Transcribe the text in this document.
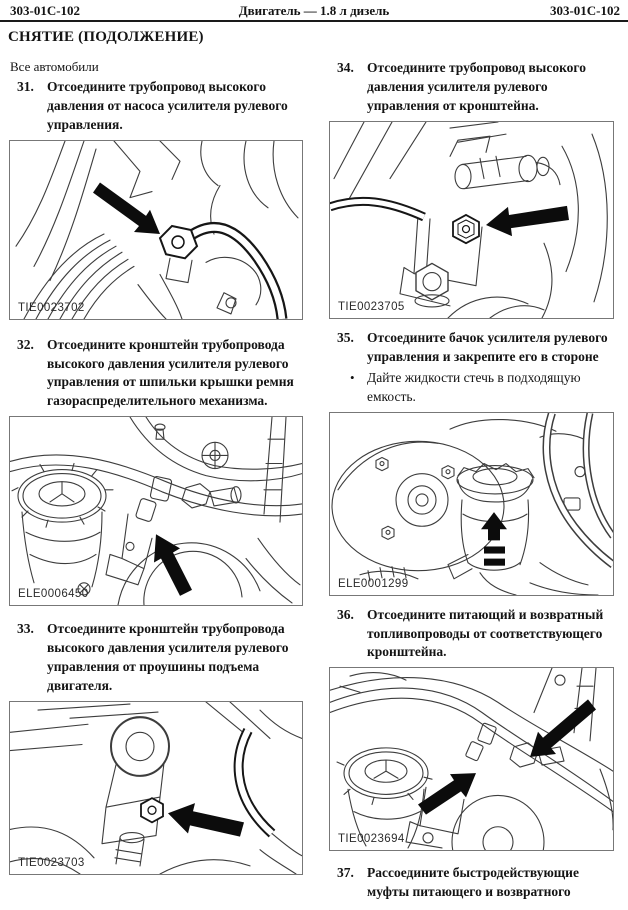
303-01C-102	Двигатель — 1.8 л дизель	303-01C-102
СНЯТИЕ (ПОДОЛЖЕНИЕ)
Все автомобили
31. Отсоедините трубопровод высокого давления от насоса усилителя рулевого управления.
TIE0023702
32. Отсоедините кронштейн трубопровода высокого давления усилителя рулевого управления от шпильки крышки ремня газораспределительного механизма.
ELE0006450
33. Отсоедините кронштейн трубопровода высокого давления усилителя рулевого управления от проушины подъема двигателя.
TIE0023703
34. Отсоедините трубопровод высокого давления усилителя рулевого управления от кронштейна.
TIE0023705
35. Отсоедините бачок усилителя рулевого управления и закрепите его в стороне
• Дайте жидкости стечь в подходящую емкость.
ELE0001299
36. Отсоедините питающий и возвратный топливопроводы от соответствующего кронштейна.
TIE0023694
37. Рассоедините быстродействующие муфты питающего и возвратного
